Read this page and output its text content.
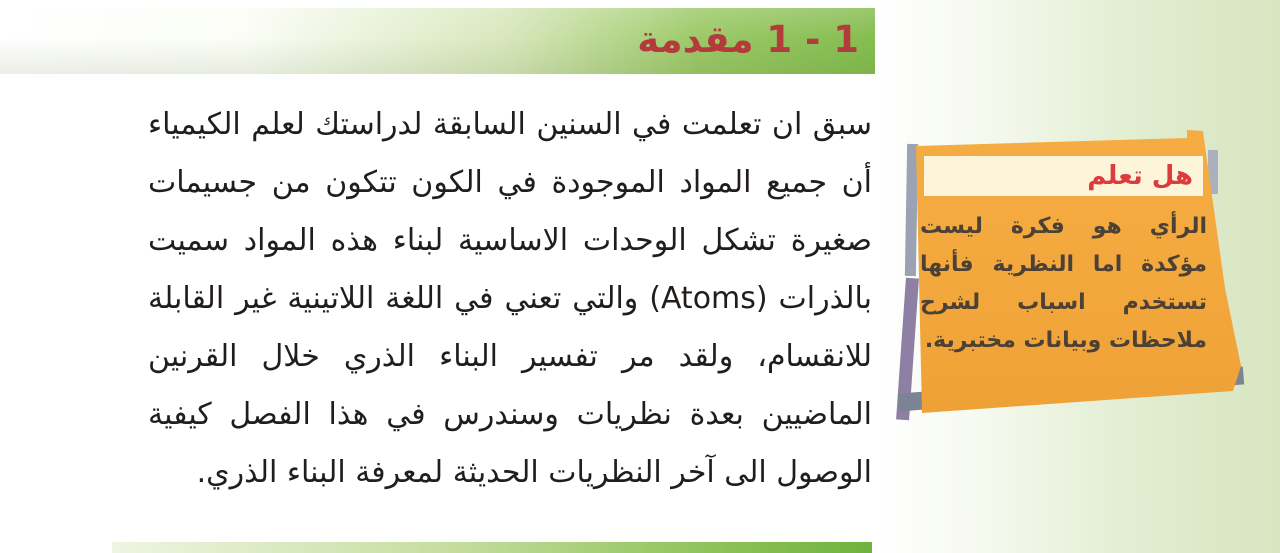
1 - 1 مقدمة
سبق ان تعلمت في السنين السابقة لدراستك لعلم الكيمياء أن جميع المواد الموجودة في الكون تتكون من جسيمات صغيرة تشكل الوحدات الاساسية لبناء هذه المواد سميت بالذرات (Atoms) والتي تعني في اللغة اللاتينية غير القابلة للانقسام، ولقد مر تفسير البناء الذري خلال القرنين الماضيين بعدة نظريات وسندرس في هذا الفصل كيفية الوصول الى آخر النظريات الحديثة لمعرفة البناء الذري.
هل تعلم
الرأي هو فكرة ليست مؤكدة اما النظرية فأنها تستخدم اسباب لشرح ملاحظات وبيانات مختبرية.
